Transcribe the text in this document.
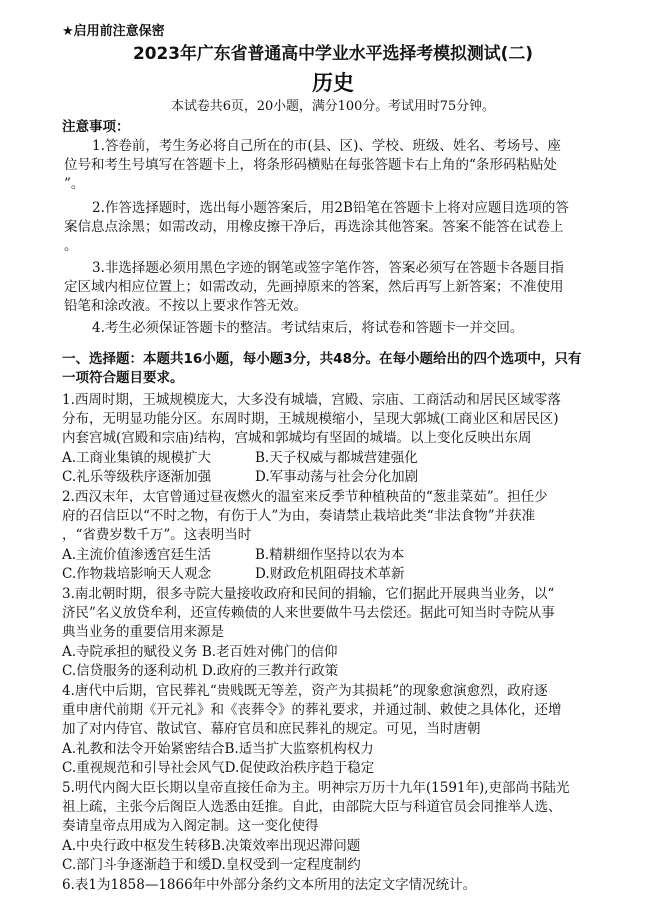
★启用前注意保密
2023年广东省普通高中学业水平选择考模拟测试(二)
历史
本试卷共6页，20小题，满分100分。考试用时75分钟。
注意事项：
1.答卷前，考生务必将自己所在的市(县、区)、学校、班级、姓名、考场号、座
位号和考生号填写在答题卡上，将条形码横贴在每张答题卡右上角的“条形码粘贴处
”。
2.作答选择题时，选出每小题答案后，用2B铅笔在答题卡上将对应题目选项的答
案信息点涂黑；如需改动，用橡皮擦干净后，再选涂其他答案。答案不能答在试卷上
。
3.非选择题必须用黑色字迹的钢笔或签字笔作答，答案必须写在答题卡各题目指
定区域内相应位置上；如需改动，先画掉原来的答案，然后再写上新答案；不准使用
铅笔和涂改液。不按以上要求作答无效。
4.考生必须保证答题卡的整洁。考试结束后，将试卷和答题卡一并交回。
一、选择题：本题共16小题，每小题3分，共48分。在每小题给出的四个选项中，只有
一项符合题目要求。
1.西周时期，王城规模庞大，大多没有城墙，宫殿、宗庙、工商活动和居民区域零落
分布，无明显功能分区。东周时期，王城规模缩小，呈现大郭城(工商业区和居民区)
内套宫城(宫殿和宗庙)结构，宫城和郭城均有坚固的城墙。以上变化反映出东周
A.工商业集镇的规模扩大	B.天子权威与都城营建强化
C.礼乐等级秩序逐渐加强	D.军事动荡与社会分化加剧
2.西汉末年，太官曾通过昼夜燃火的温室来反季节种植秧苗的“葱韭菜茹”。担任少
府的召信臣以“不时之物，有伤于人”为由，奏请禁止栽培此类“非法食物”并获准
，“省费岁数千万”。这表明当时
A.主流价值渗透宫廷生活	B.精耕细作坚持以农为本
C.作物栽培影响天人观念	D.财政危机阻碍技术革新
3.南北朝时期，很多寺院大量接收政府和民间的捐输，它们据此开展典当业务，以“
济民”名义放贷牟利，还宣传赖债的人来世要做牛马去偿还。据此可知当时寺院从事
典当业务的重要信用来源是
A.寺院承担的赋役义务 B.老百姓对佛门的信仰
C.信贷服务的逐利动机 D.政府的三教并行政策
4.唐代中后期，官民葬礼“贵贱既无等差，资产为其损耗”的现象愈演愈烈，政府逐
重申唐代前期《开元礼》和《丧葬令》的葬礼要求，并通过制、敕使之具体化，还增
加了对内侍官、散试官、幕府官员和庶民葬礼的规定。可见，当时唐朝
A.礼教和法令开始紧密结合B.适当扩大监察机构权力
C.重视规范和引导社会风气D.促使政治秩序趋于稳定
5.明代内阁大臣长期以皇帝直接任命为主。明神宗万历十九年(1591年),吏部尚书陆光
祖上疏，主张今后阁臣人选悉由廷推。自此，由部院大臣与科道官员会同推举人选、
奏请皇帝点用成为入阁定制。这一变化使得
A.中央行政中枢发生转移B.决策效率出现迟滞问题
C.部门斗争逐渐趋于和缓D.皇权受到一定程度制约
6.表1为1858—1866年中外部分条约文本所用的法定文字情况统计。
